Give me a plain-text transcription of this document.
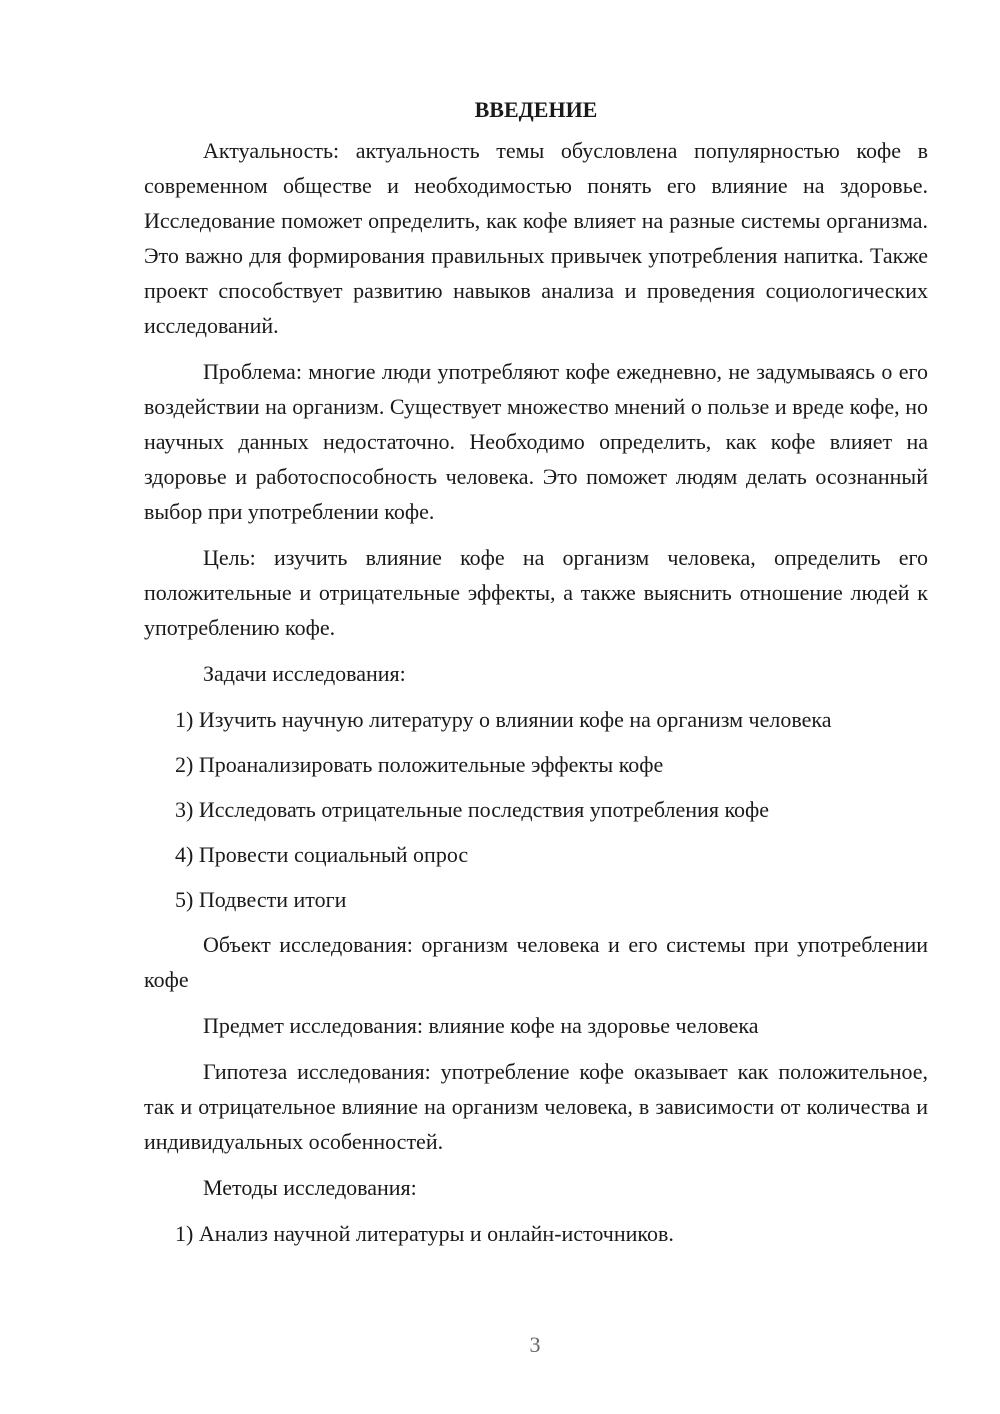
ВВЕДЕНИЕ

Актуальность: актуальность темы обусловлена популярностью кофе в современном обществе и необходимостью понять его влияние на здоровье. Исследование поможет определить, как кофе влияет на разные системы организма. Это важно для формирования правильных привычек употребления напитка. Также проект способствует развитию навыков анализа и проведения социологических исследований.

Проблема: многие люди употребляют кофе ежедневно, не задумываясь о его воздействии на организм. Существует множество мнений о пользе и вреде кофе, но научных данных недостаточно. Необходимо определить, как кофе влияет на здоровье и работоспособность человека. Это поможет людям делать осознанный выбор при употреблении кофе.

Цель: изучить влияние кофе на организм человека, определить его положительные и отрицательные эффекты, а также выяснить отношение людей к употреблению кофе.

Задачи исследования:

1) Изучить научную литературу о влиянии кофе на организм человека
2) Проанализировать положительные эффекты кофе
3) Исследовать отрицательные последствия употребления кофе
4) Провести социальный опрос
5) Подвести итоги

Объект исследования: организм человека и его системы при употреблении кофе

Предмет исследования: влияние кофе на здоровье человека

Гипотеза исследования: употребление кофе оказывает как положительное, так и отрицательное влияние на организм человека, в зависимости от количества и индивидуальных особенностей.

Методы исследования:

1) Анализ научной литературы и онлайн-источников.
3
